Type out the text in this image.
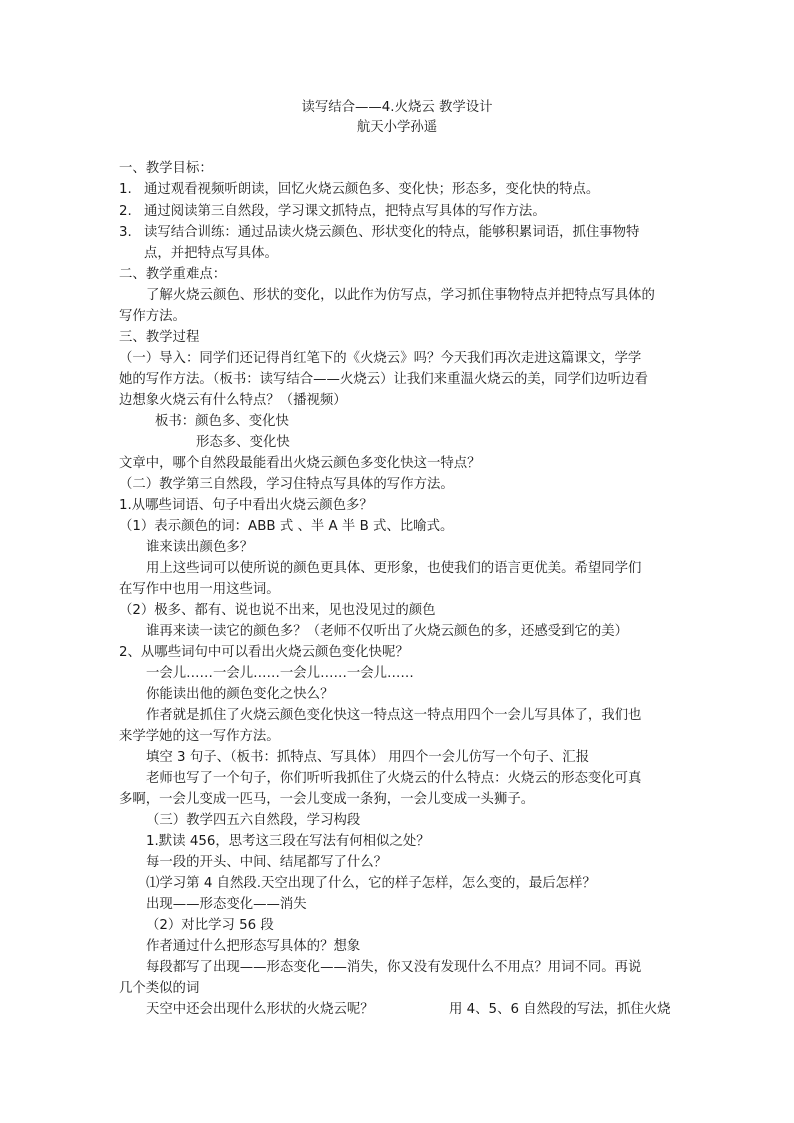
读写结合——4.火烧云 教学设计

航天小学孙遥

一、教学目标：

1. 通过观看视频听朗读，回忆火烧云颜色多、变化快；形态多，变化快的特点。

2. 通过阅读第三自然段，学习课文抓特点，把特点写具体的写作方法。

3. 读写结合训练：通过品读火烧云颜色、形状变化的特点，能够积累词语，抓住事物特

点，并把特点写具体。

二、教学重难点：

了解火烧云颜色、形状的变化，以此作为仿写点，学习抓住事物特点并把特点写具体的

写作方法。

三、教学过程

（一）导入：同学们还记得肖红笔下的《火烧云》吗？今天我们再次走进这篇课文，学学

她的写作方法。（板书：读写结合——火烧云）让我们来重温火烧云的美，同学们边听边看

边想象火烧云有什么特点？（播视频）

板书：颜色多、变化快

形态多、变化快

文章中，哪个自然段最能看出火烧云颜色多变化快这一特点？

（二）教学第三自然段，学习住特点写具体的写作方法。

1.从哪些词语、句子中看出火烧云颜色多？

（1）表示颜色的词：ABB 式 、半 A 半 B 式、比喻式。

谁来读出颜色多？

用上这些词可以使所说的颜色更具体、更形象，也使我们的语言更优美。希望同学们

在写作中也用一用这些词。

（2）极多、都有、说也说不出来，见也没见过的颜色

谁再来读一读它的颜色多？（老师不仅听出了火烧云颜色的多，还感受到它的美）

2、从哪些词句中可以看出火烧云颜色变化快呢？

一会儿……一会儿……一会儿……一会儿……

你能读出他的颜色变化之快么？

作者就是抓住了火烧云颜色变化快这一特点这一特点用四个一会儿写具体了，我们也

来学学她的这一写作方法。

填空 3 句子、（板书：抓特点、写具体） 用四个一会儿仿写一个句子、汇报

老师也写了一个句子，你们听听我抓住了火烧云的什么特点：火烧云的形态变化可真

多啊，一会儿变成一匹马，一会儿变成一条狗，一会儿变成一头狮子。

（三）教学四五六自然段，学习构段

1.默读 456，思考这三段在写法有何相似之处？

每一段的开头、中间、结尾都写了什么？

⑴学习第 4 自然段.天空出现了什么，它的样子怎样，怎么变的，最后怎样？

出现——形态变化——消失

（2）对比学习 56 段

作者通过什么把形态写具体的？想象

每段都写了出现——形态变化——消失，你又没有发现什么不用点？用词不同。再说

几个类似的词

天空中还会出现什么形状的火烧云呢？	用 4、5、6 自然段的写法，抓住火烧
